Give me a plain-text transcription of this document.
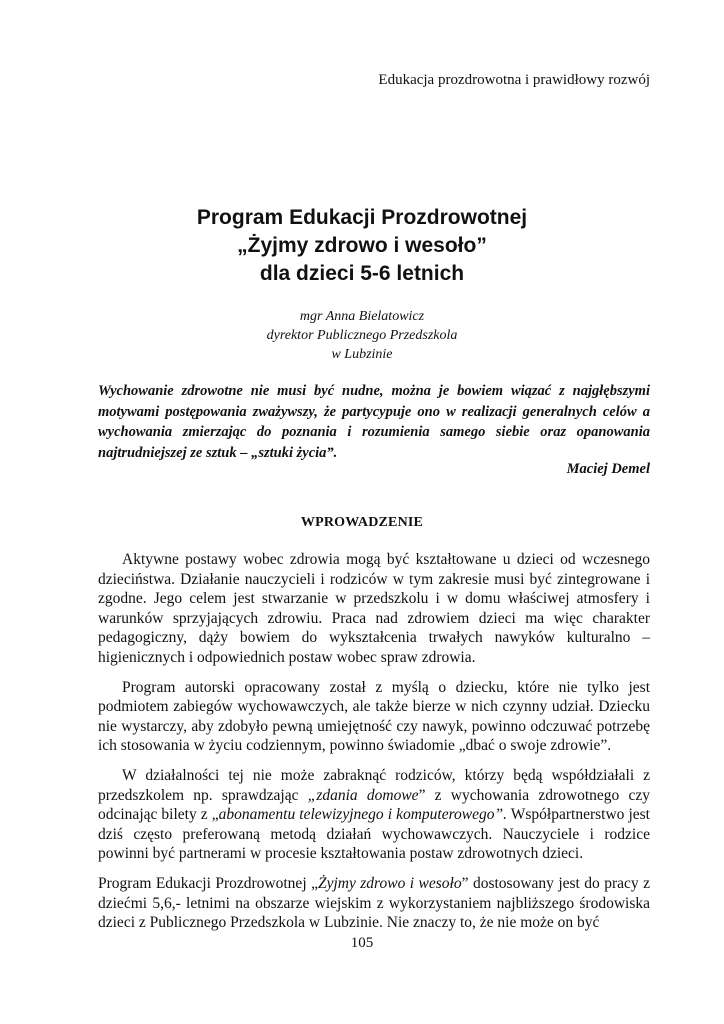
Edukacja prozdrowotna i prawidłowy rozwój
Program Edukacji Prozdrowotnej
„Żyjmy zdrowo i wesoło”
dla dzieci 5-6 letnich
mgr Anna Bielatowicz
dyrektor Publicznego Przedszkola
w Lubzinie
Wychowanie zdrowotne nie musi być nudne, można je bowiem wiązać z najgłębszymi motywami postępowania zważywszy, że partycypuje ono w realizacji generalnych celów a wychowania zmierzając do poznania i rozumienia samego siebie oraz opanowania najtrudniejszej ze sztuk – „sztuki życia”.
Maciej Demel
WPROWADZENIE

Aktywne postawy wobec zdrowia mogą być kształtowane u dzieci od wczesnego dzieciństwa. Działanie nauczycieli i rodziców w tym zakresie musi być zintegrowane i zgodne. Jego celem jest stwarzanie w przedszkolu i w domu właściwej atmosfery i warunków sprzyjających zdrowiu. Praca nad zdrowiem dzieci ma więc charakter pedagogiczny, dąży bowiem do wykształcenia trwałych nawyków kulturalno – higienicznych i odpowiednich postaw wobec spraw zdrowia.

Program autorski opracowany został z myślą o dziecku, które nie tylko jest podmiotem zabiegów wychowawczych, ale także bierze w nich czynny udział. Dziecku nie wystarczy, aby zdobyło pewną umiejętność czy nawyk, powinno odczuwać potrzebę ich stosowania w życiu codziennym, powinno świadomie „dbać o swoje zdrowie”.

W działalności tej nie może zabraknąć rodziców, którzy będą współdziałali z przedszkolem np. sprawdzając „zdania domowe” z wychowania zdrowotnego czy odcinając bilety z „abonamentu telewizyjnego i komputerowego”. Współpartnerstwo jest dziś często preferowaną metodą działań wychowawczych. Nauczyciele i rodzice powinni być partnerami w procesie kształtowania postaw zdrowotnych dzieci.

Program Edukacji Prozdrowotnej „Żyjmy zdrowo i wesoło” dostosowany jest do pracy z dziećmi 5,6,- letnimi na obszarze wiejskim z wykorzystaniem najbliższego środowiska dzieci z Publicznego Przedszkola w Lubzinie. Nie znaczy to, że nie może on być

105
